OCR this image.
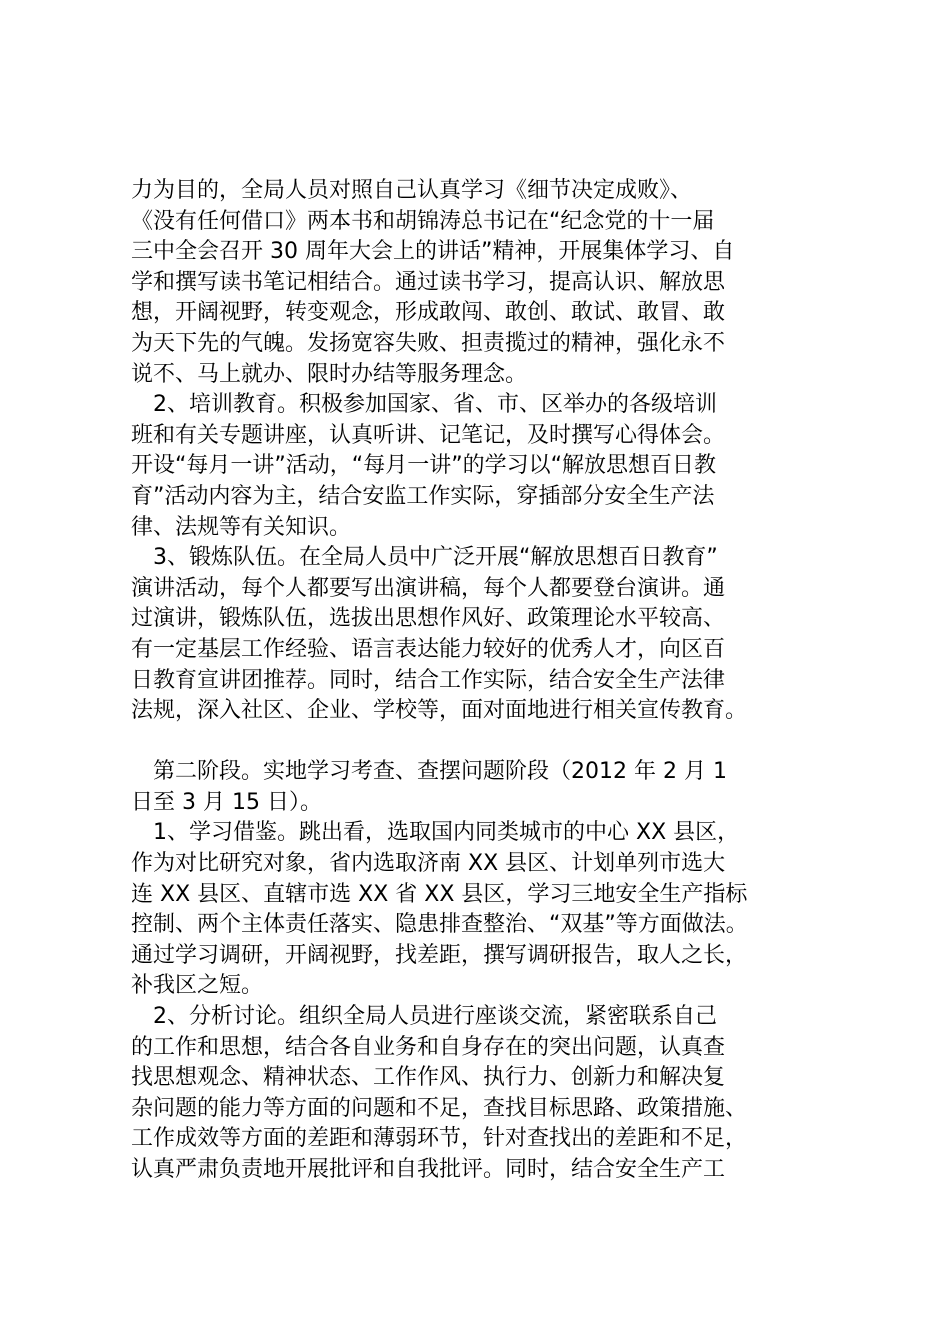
力为目的，全局人员对照自己认真学习《细节决定成败》、
《没有任何借口》两本书和胡锦涛总书记在“纪念党的十一届
三中全会召开 30 周年大会上的讲话”精神，开展集体学习、自
学和撰写读书笔记相结合。通过读书学习，提高认识、解放思
想，开阔视野，转变观念，形成敢闯、敢创、敢试、敢冒、敢
为天下先的气魄。发扬宽容失败、担责揽过的精神，强化永不
说不、马上就办、限时办结等服务理念。
　2、培训教育。积极参加国家、省、市、区举办的各级培训
班和有关专题讲座，认真听讲、记笔记，及时撰写心得体会。
开设“每月一讲”活动，“每月一讲”的学习以“解放思想百日教
育”活动内容为主，结合安监工作实际，穿插部分安全生产法
律、法规等有关知识。
　3、锻炼队伍。在全局人员中广泛开展“解放思想百日教育”
演讲活动，每个人都要写出演讲稿，每个人都要登台演讲。通
过演讲，锻炼队伍，选拔出思想作风好、政策理论水平较高、
有一定基层工作经验、语言表达能力较好的优秀人才，向区百
日教育宣讲团推荐。同时，结合工作实际，结合安全生产法律
法规，深入社区、企业、学校等，面对面地进行相关宣传教育。
　第二阶段。实地学习考查、查摆问题阶段（2012 年 2 月 1
日至 3 月 15 日）。
　1、学习借鉴。跳出看，选取国内同类城市的中心 XX 县区，
作为对比研究对象，省内选取济南 XX 县区、计划单列市选大
连 XX 县区、直辖市选 XX 省 XX 县区，学习三地安全生产指标
控制、两个主体责任落实、隐患排查整治、“双基”等方面做法。
通过学习调研，开阔视野，找差距，撰写调研报告，取人之长，
补我区之短。
　2、分析讨论。组织全局人员进行座谈交流，紧密联系自己
的工作和思想，结合各自业务和自身存在的突出问题，认真查
找思想观念、精神状态、工作作风、执行力、创新力和解决复
杂问题的能力等方面的问题和不足，查找目标思路、政策措施、
工作成效等方面的差距和薄弱环节，针对查找出的差距和不足，
认真严肃负责地开展批评和自我批评。同时，结合安全生产工
